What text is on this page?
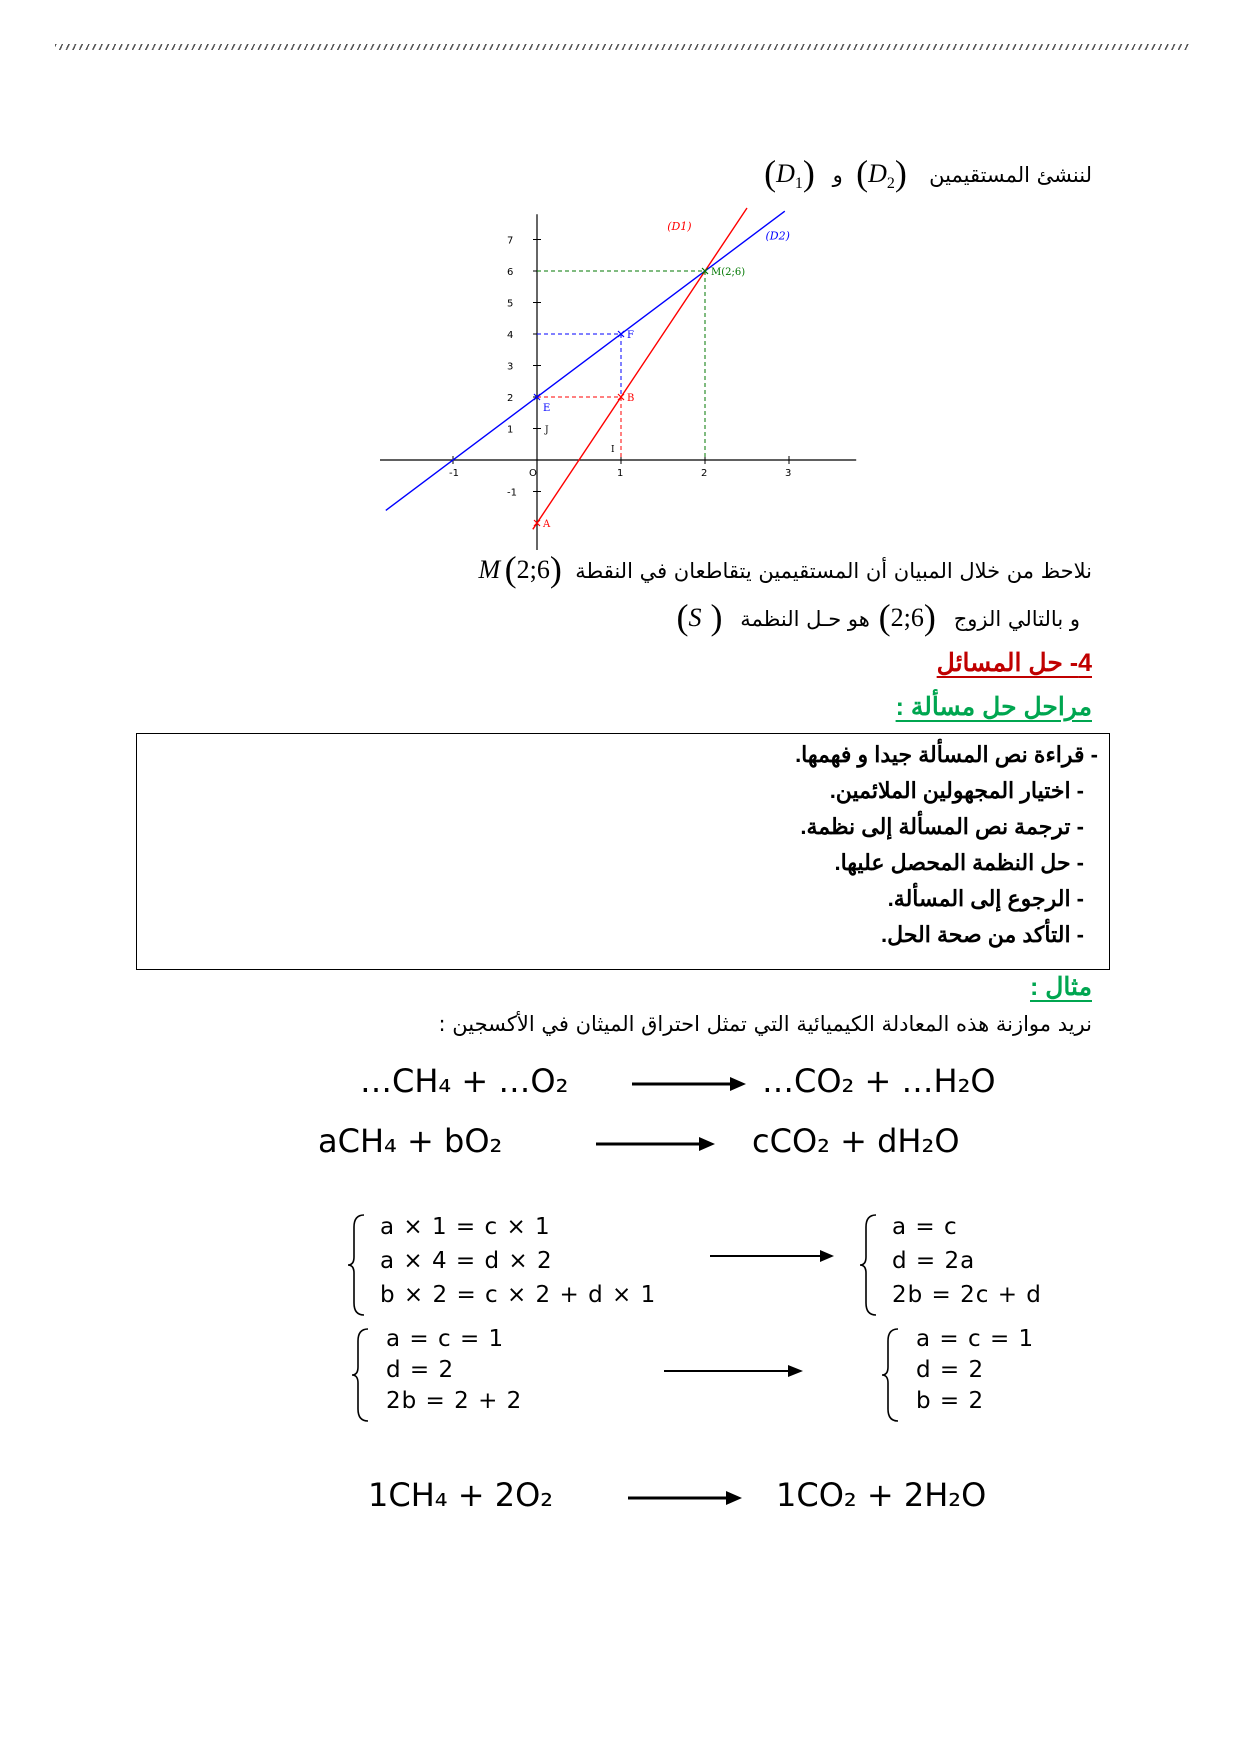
لننشئ المستقيمين    (D2)    و    (D1)
-1	O	1	2	3
-1
1
2
3
4
5
6
7
I
J
(D1)
(D2)
M(2;6)
F
B
E
A
نلاحظ من خلال المبيان أن المستقيمين يتقاطعان في النقطة   M (2;6)
و بالتالي الزوج   (2;6)   هو حـل النظمة    (S )
4- حل المسائل
مراحل حل مسألة :
- قراءة نص المسألة جيدا و فهمها.
- اختيار المجهولين الملائمين.
- ترجمة نص المسألة إلى نظمة.
- حل النظمة المحصل عليها.
- الرجوع إلى المسألة.
- التأكد من صحة الحل.
مثال :
نريد موازنة هذه المعادلة الكيميائية التي تمثل احتراق الميثان في الأكسجين :
…CH₄ + …O₂	…CO₂ + …H₂O
aCH₄ + bO₂	cCO₂ + dH₂O
a × 1 = c × 1
a × 4 = d × 2
b × 2 = c × 2 + d × 1
a = c
d = 2a
2b = 2c + d
a = c = 1
d = 2
2b = 2 + 2
a = c = 1
d = 2
b = 2
1CH₄ + 2O₂	1CO₂ + 2H₂O
